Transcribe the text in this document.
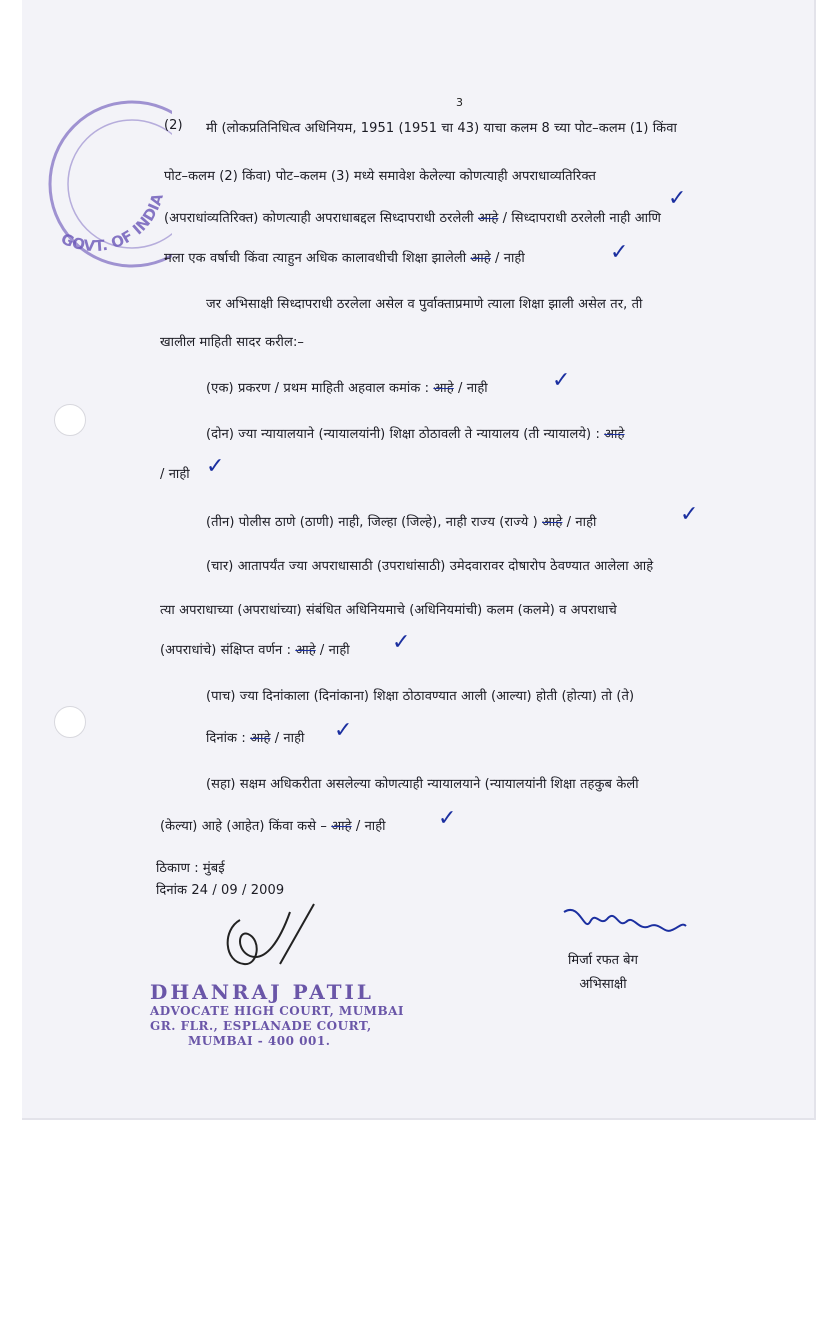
GOVT. OF INDIA
3
(2) मी (लोकप्रतिनिधित्व अधिनियम, 1951 (1951 चा 43) याचा कलम 8 च्या पोट–कलम (1) किंवा
पोट–कलम (2) किंवा) पोट–कलम (3) मध्ये समावेश केलेल्या कोणत्याही अपराधाव्यतिरिक्त
(अपराधांव्यतिरिक्त) कोणत्याही अपराधाबद्दल सिध्दापराधी ठरलेली आहे / सिध्दापराधी ठरलेली नाही आणि
मला एक वर्षाची किंवा त्याहुन अधिक कालावधीची शिक्षा झालेली आहे / नाही	✓
✓
जर अभिसाक्षी सिध्दापराधी ठरलेला असेल व पुर्वाक्ताप्रमाणे त्याला शिक्षा झाली असेल तर, ती
खालील माहिती सादर करील:–
(एक) प्रकरण / प्रथम माहिती अहवाल कमांक : आहे / नाही	✓
(दोन) ज्या न्यायालयाने (न्यायालयांनी) शिक्षा ठोठावली ते न्यायालय (ती न्यायालये) : आहे
/ नाही ✓
(तीन) पोलीस ठाणे (ठाणी) नाही, जिल्हा (जिल्हे), नाही राज्य (राज्ये ) आहे / नाही	✓
(चार) आतापर्यंत ज्या अपराधासाठी (उपराधांसाठी) उमेदवारावर दोषारोप ठेवण्यात आलेला आहे
त्या अपराधाच्या (अपराधांच्या) संबंधित अधिनियमाचे (अधिनियमांची) कलम (कलमे) व अपराधाचे
(अपराधांचे) संक्षिप्त वर्णन : आहे / नाही ✓
(पाच) ज्या दिनांकाला (दिनांकाना) शिक्षा ठोठावण्यात आली (आल्या) होती (होत्या) तो (ते)
दिनांक : आहे / नाही ✓
(सहा) सक्षम अधिकरीता असलेल्या कोणत्याही न्यायालयाने (न्यायालयांनी शिक्षा तहकुब केली
(केल्या) आहे (आहेत) किंवा कसे – आहे / नाही ✓
ठिकाण : मुंबई
दिनांक 24 / 09 / 2009
मिर्जा रफत बेग
अभिसाक्षी
DHANRAJ PATIL
ADVOCATE HIGH COURT, MUMBAI
GR. FLR., ESPLANADE COURT,
MUMBAI - 400 001.
